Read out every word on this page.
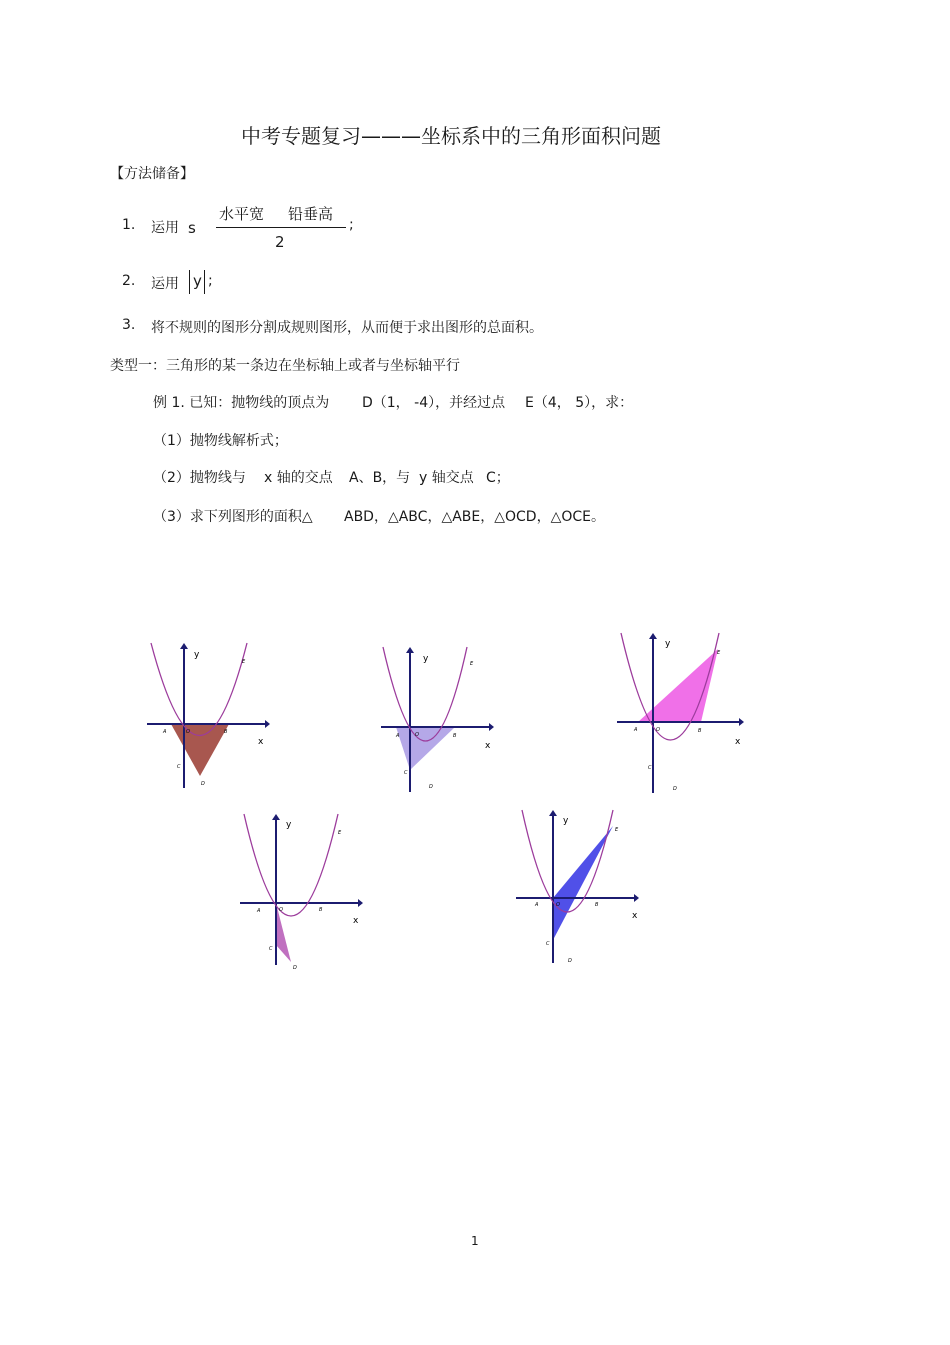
中考专题复习———坐标系中的三角形面积问题
【方法储备】
1. 运用 s
水平宽 铅垂高
2
;
2. 运用 y ;
3. 将不规则的图形分割成规则图形，从而便于求出图形的总面积。
类型一：三角形的某一条边在坐标轴上或者与坐标轴平行
例 1. 已知：抛物线的顶点为 D（1， -4），并经过点 E（4， 5），求：
（1）抛物线解析式；
（2）抛物线与 x 轴的交点 A、B，与 y 轴交点 C；
（3）求下列图形的面积△ ABD，△ABC，△ABE，△OCD，△OCE。
y
x
A	O	B
C
D
E	y
x
A	O	B
C
D
E
y
x
A	O	B
C
D
E
y
x
A	O	B
C
D
E
y
x
A	O	B
C
D
E
1
